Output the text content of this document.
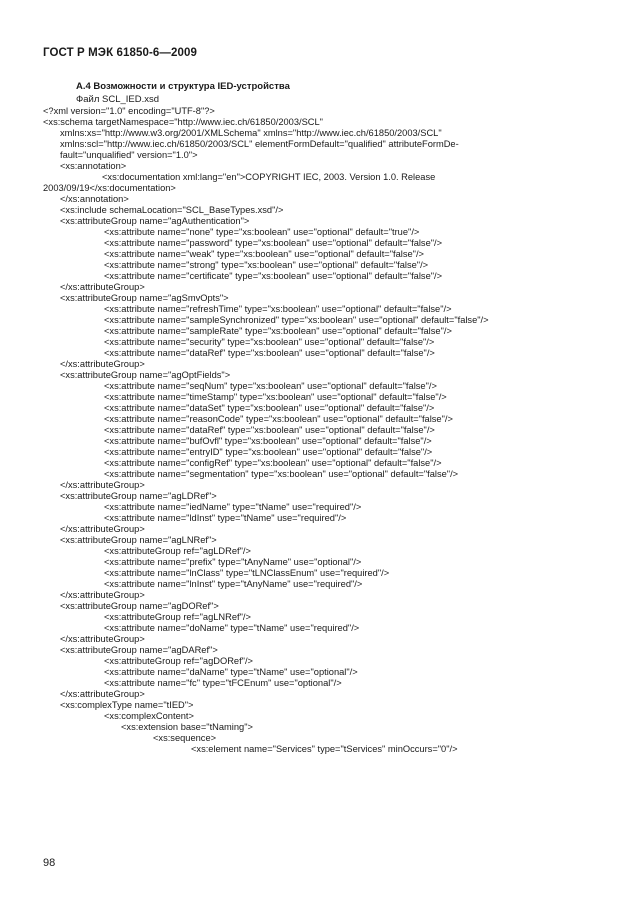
ГОСТ Р МЭК 61850-6—2009
А.4 Возможности и структура IED-устройства
Файл SCL_IED.xsd
<?xml version="1.0" encoding="UTF-8"?>
<xs:schema targetNamespace="http://www.iec.ch/61850/2003/SCL"
xmlns:xs="http://www.w3.org/2001/XMLSchema" xmlns="http://www.iec.ch/61850/2003/SCL"
xmlns:scl="http://www.iec.ch/61850/2003/SCL" elementFormDefault="qualified" attributeFormDe-
fault="unqualified" version="1.0">
<xs:annotation>
<xs:documentation xml:lang="en">COPYRIGHT IEC, 2003. Version 1.0. Release
2003/09/19</xs:documentation>
</xs:annotation>
<xs:include schemaLocation="SCL_BaseTypes.xsd"/>
<xs:attributeGroup name="agAuthentication">
<xs:attribute name="none" type="xs:boolean" use="optional" default="true"/>
<xs:attribute name="password" type="xs:boolean" use="optional" default="false"/>
<xs:attribute name="weak" type="xs:boolean" use="optional" default="false"/>
<xs:attribute name="strong" type="xs:boolean" use="optional" default="false"/>
<xs:attribute name="certificate" type="xs:boolean" use="optional" default="false"/>
</xs:attributeGroup>
<xs:attributeGroup name="agSmvOpts">
<xs:attribute name="refreshTime" type="xs:boolean" use="optional" default="false"/>
<xs:attribute name="sampleSynchronized" type="xs:boolean" use="optional" default="false"/>
<xs:attribute name="sampleRate" type="xs:boolean" use="optional" default="false"/>
<xs:attribute name="security" type="xs:boolean" use="optional" default="false"/>
<xs:attribute name="dataRef" type="xs:boolean" use="optional" default="false"/>
</xs:attributeGroup>
<xs:attributeGroup name="agOptFields">
<xs:attribute name="seqNum" type="xs:boolean" use="optional" default="false"/>
<xs:attribute name="timeStamp" type="xs:boolean" use="optional" default="false"/>
<xs:attribute name="dataSet" type="xs:boolean" use="optional" default="false"/>
<xs:attribute name="reasonCode" type="xs:boolean" use="optional" default="false"/>
<xs:attribute name="dataRef" type="xs:boolean" use="optional" default="false"/>
<xs:attribute name="bufOvfl" type="xs:boolean" use="optional" default="false"/>
<xs:attribute name="entryID" type="xs:boolean" use="optional" default="false"/>
<xs:attribute name="configRef" type="xs:boolean" use="optional" default="false"/>
<xs:attribute name="segmentation" type="xs:boolean" use="optional" default="false"/>
</xs:attributeGroup>
<xs:attributeGroup name="agLDRef">
<xs:attribute name="iedName" type="tName" use="required"/>
<xs:attribute name="ldInst" type="tName" use="required"/>
</xs:attributeGroup>
<xs:attributeGroup name="agLNRef">
<xs:attributeGroup ref="agLDRef"/>
<xs:attribute name="prefix" type="tAnyName" use="optional"/>
<xs:attribute name="lnClass" type="tLNClassEnum" use="required"/>
<xs:attribute name="lnInst" type="tAnyName" use="required"/>
</xs:attributeGroup>
<xs:attributeGroup name="agDORef">
<xs:attributeGroup ref="agLNRef"/>
<xs:attribute name="doName" type="tName" use="required"/>
</xs:attributeGroup>
<xs:attributeGroup name="agDARef">
<xs:attributeGroup ref="agDORef"/>
<xs:attribute name="daName" type="tName" use="optional"/>
<xs:attribute name="fc" type="tFCEnum" use="optional"/>
</xs:attributeGroup>
<xs:complexType name="tIED">
<xs:complexContent>
<xs:extension base="tNaming">
<xs:sequence>
<xs:element name="Services" type="tServices" minOccurs="0"/>
98
